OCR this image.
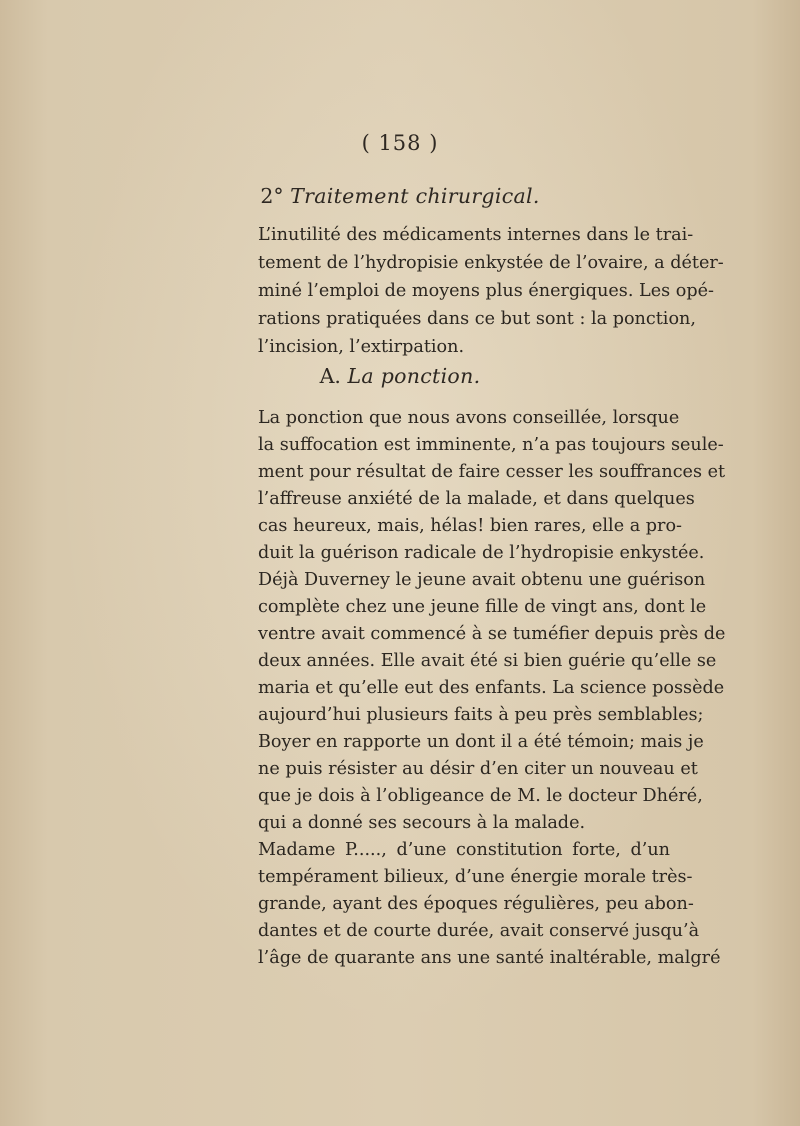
( 158 )
2° Traitement chirurgical.
L’inutilité des médicaments internes dans le trai-
tement de l’hydropisie enkystée de l’ovaire, a déter-
miné l’emploi de moyens plus énergiques. Les opé-
rations pratiquées dans ce but sont : la ponction,
l’incision, l’extirpation.
A. La ponction.
La ponction que nous avons conseillée, lorsque
la suffocation est imminente, n’a pas toujours seule-
ment pour résultat de faire cesser les souffrances et
l’affreuse anxiété de la malade, et dans quelques
cas heureux, mais, hélas! bien rares, elle a pro-
duit la guérison radicale de l’hydropisie enkystée.
Déjà Duverney le jeune avait obtenu une guérison
complète chez une jeune fille de vingt ans, dont le
ventre avait commencé à se tuméfier depuis près de
deux années. Elle avait été si bien guérie qu’elle se
maria et qu’elle eut des enfants. La science possède
aujourd’hui plusieurs faits à peu près semblables;
Boyer en rapporte un dont il a été témoin; mais je
ne puis résister au désir d’en citer un nouveau et
que je dois à l’obligeance de M. le docteur Dhéré,
qui a donné ses secours à la malade.
Madame P....., d’une constitution forte, d’un
tempérament bilieux, d’une énergie morale très-
grande, ayant des époques régulières, peu abon-
dantes et de courte durée, avait conservé jusqu’à
l’âge de quarante ans une santé inaltérable, malgré
